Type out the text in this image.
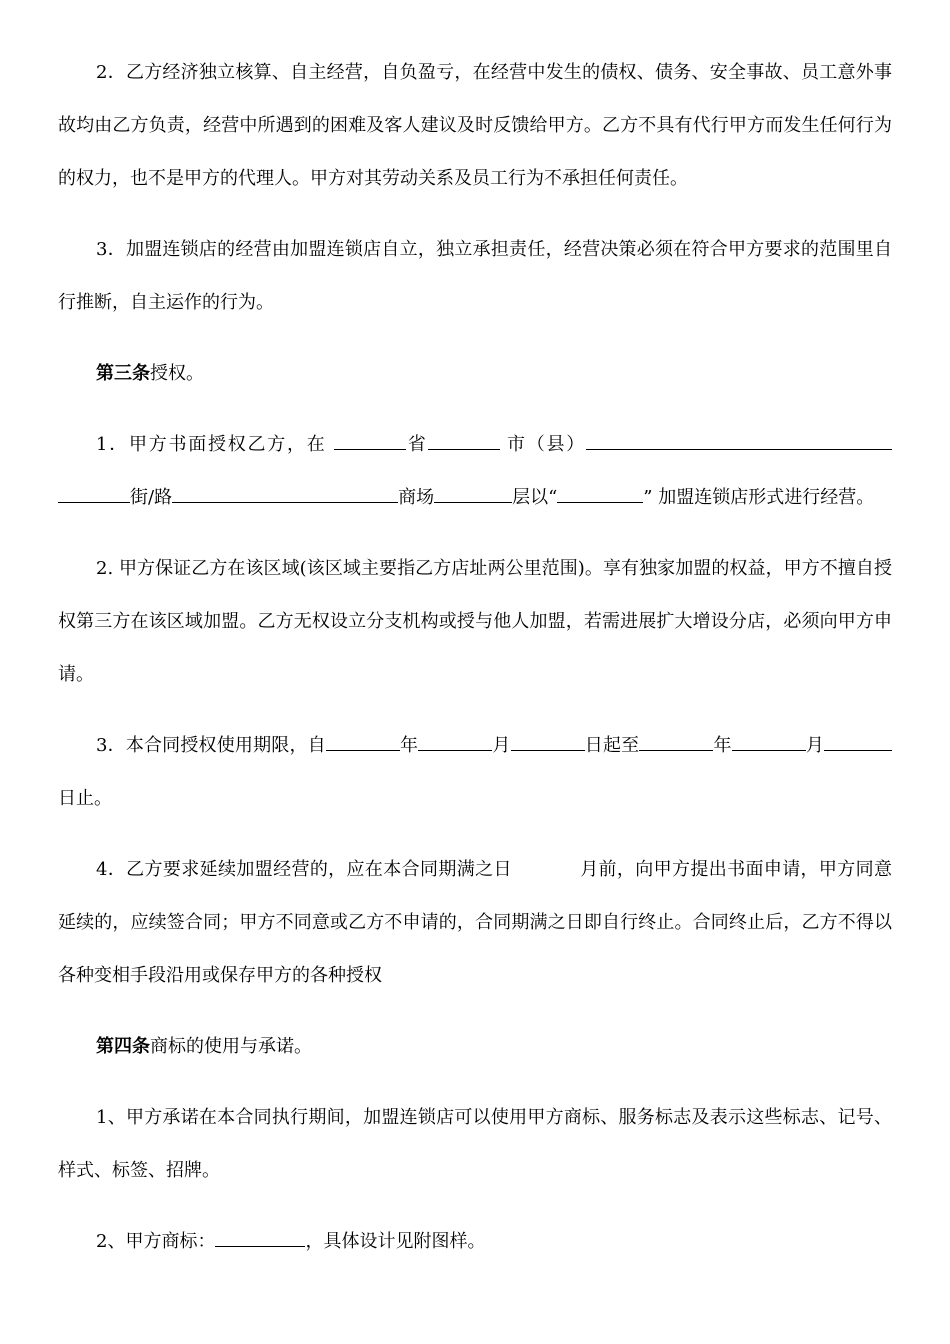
2．乙方经济独立核算、自主经营，自负盈亏，在经营中发生的债权、债务、安全事故、员工意外事故均由乙方负责，经营中所遇到的困难及客人建议及时反馈给甲方。乙方不具有代行甲方而发生任何行为的权力，也不是甲方的代理人。甲方对其劳动关系及员工行为不承担任何责任。

3．加盟连锁店的经营由加盟连锁店自立，独立承担责任，经营决策必须在符合甲方要求的范围里自行推断，自主运作的行为。

第三条授权。

1．甲方书面授权乙方，在	省	市（县）街/路	商场	层以“	” 加盟连锁店形式进行经营。

2. 甲方保证乙方在该区域(该区域主要指乙方店址两公里范围)。享有独家加盟的权益，甲方不擅自授权第三方在该区域加盟。乙方无权设立分支机构或授与他人加盟，若需进展扩大增设分店，必须向甲方申请。

3．本合同授权使用期限，自	年	月	日起至	年	月日止。

4．乙方要求延续加盟经营的，应在本合同期满之日	月前，向甲方提出书面申请，甲方同意延续的，应续签合同；甲方不同意或乙方不申请的，合同期满之日即自行终止。合同终止后，乙方不得以各种变相手段沿用或保存甲方的各种授权

第四条商标的使用与承诺。

1、甲方承诺在本合同执行期间，加盟连锁店可以使用甲方商标、服务标志及表示这些标志、记号、样式、标签、招牌。

2、甲方商标：	，具体设计见附图样。
